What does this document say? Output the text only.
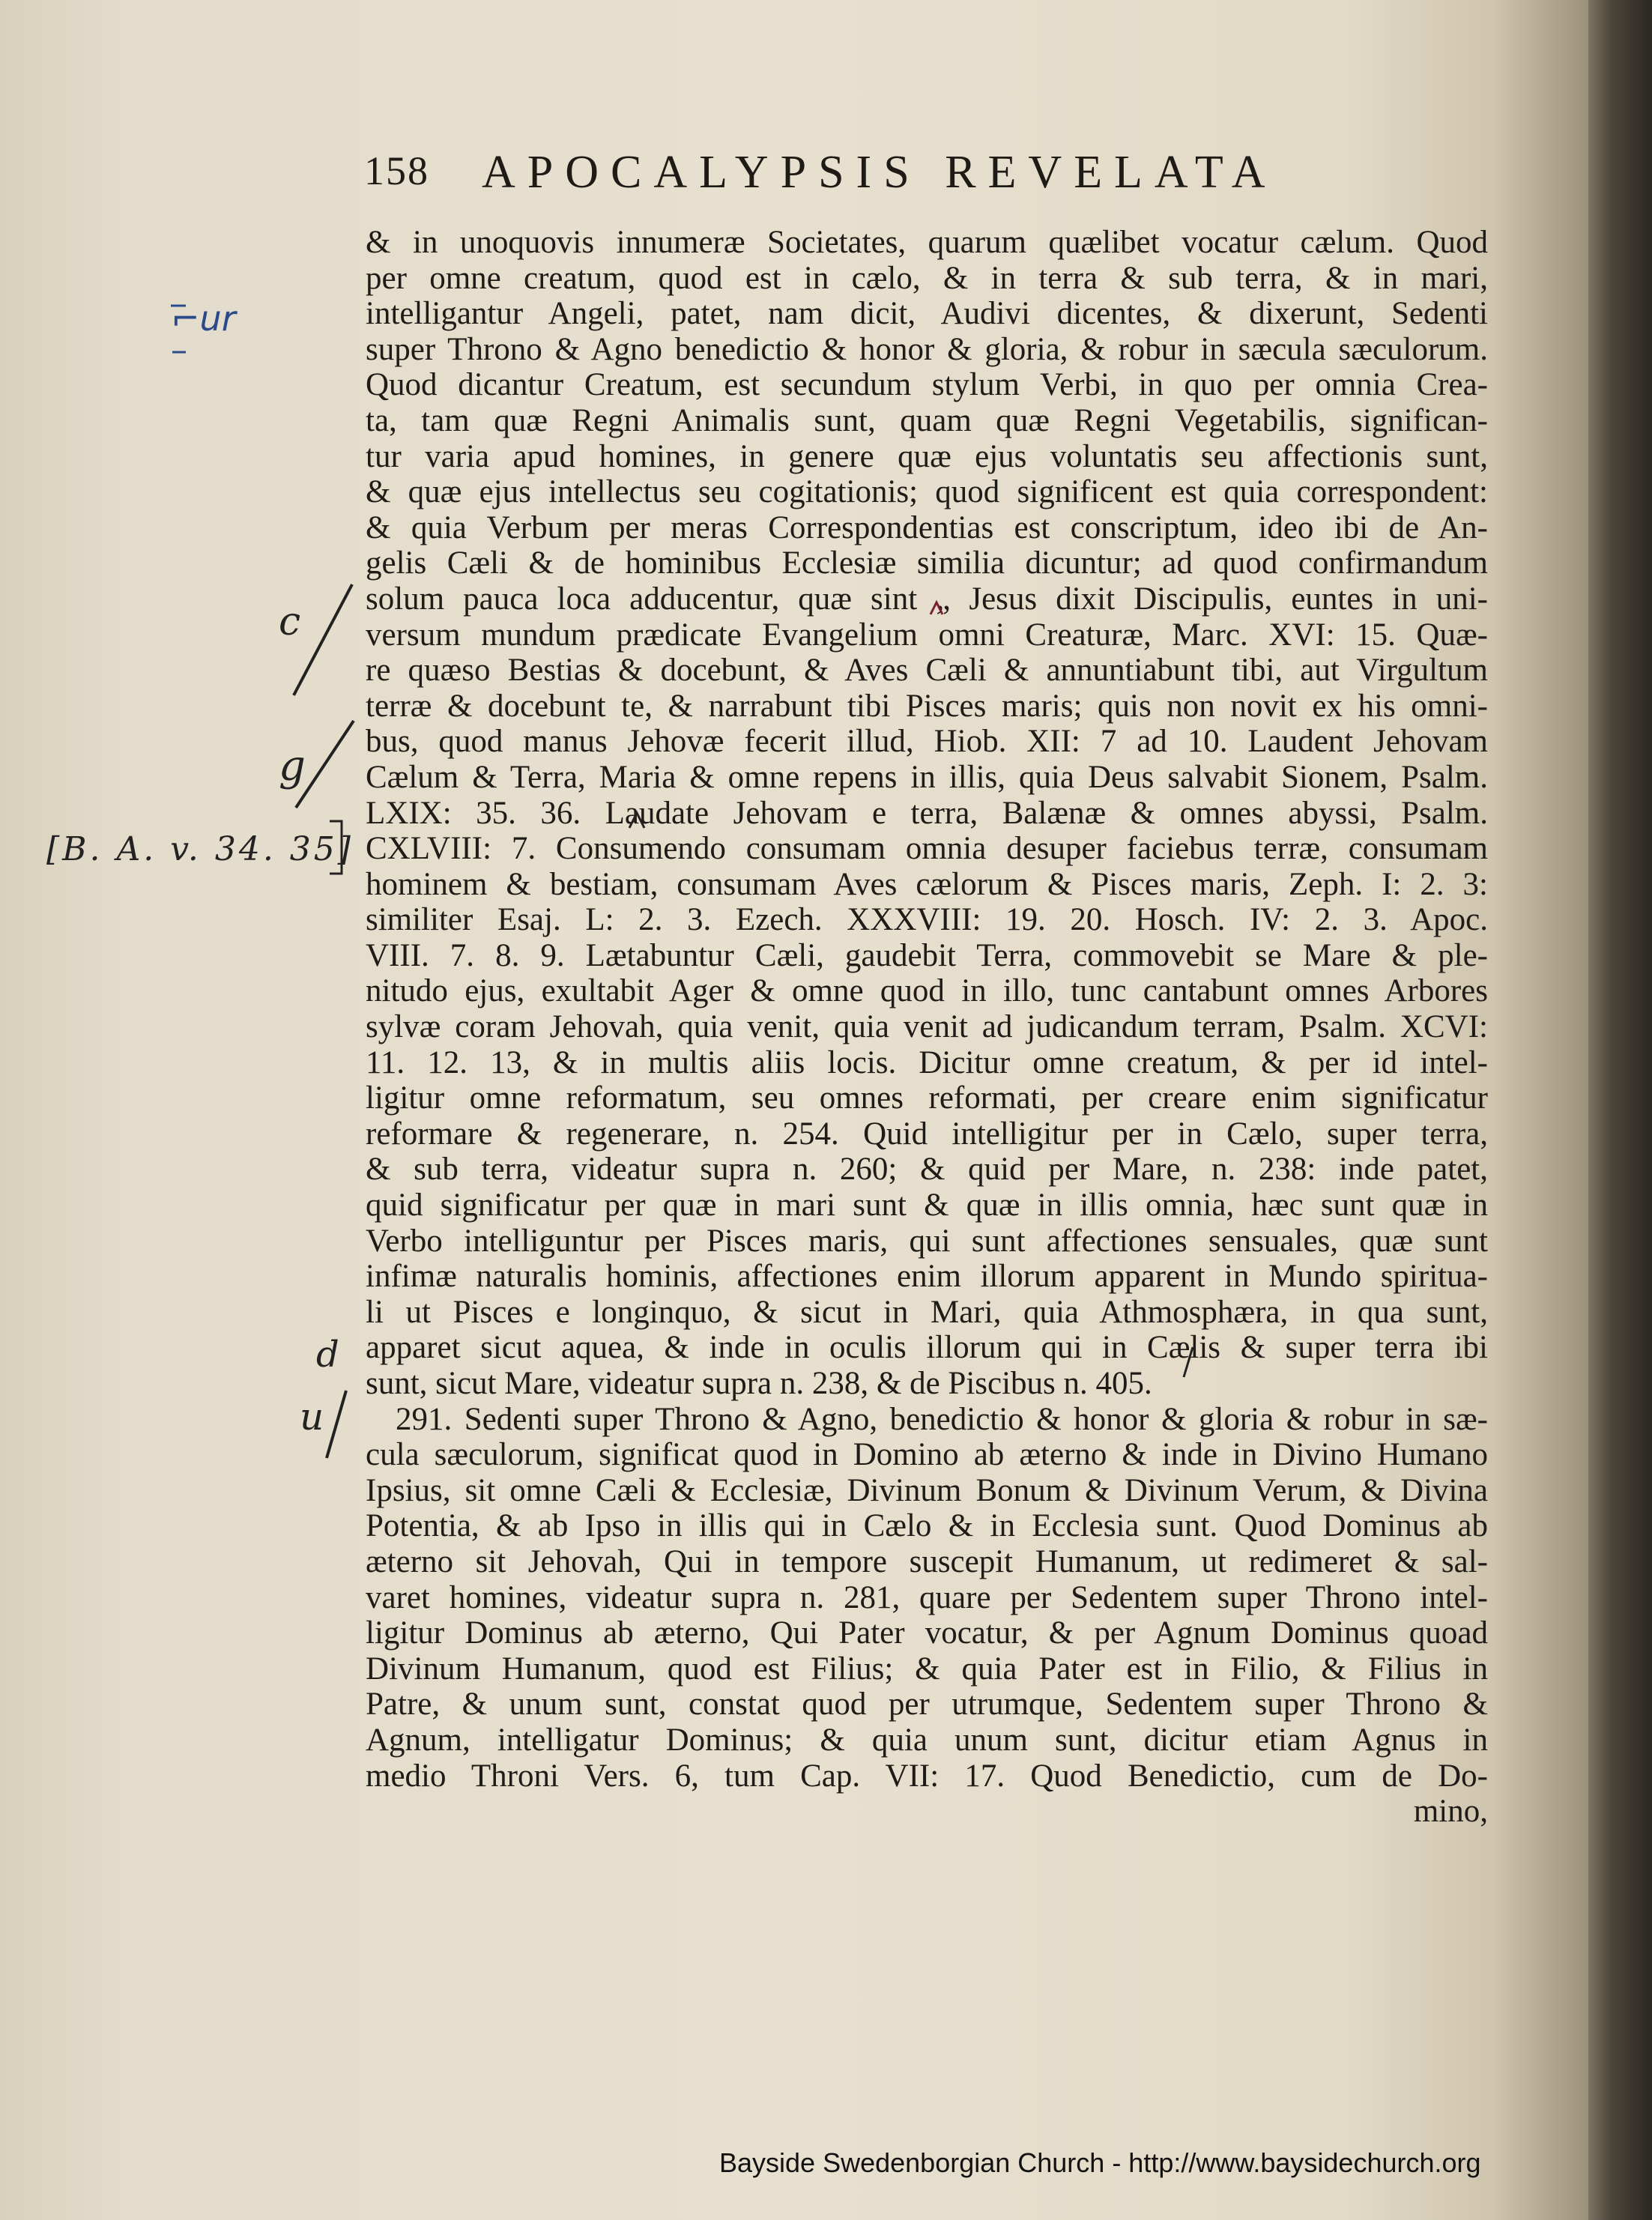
158 APOCALYPSIS REVELATA
& in unoquovis innumeræ Societates, quarum quælibet vocatur cælum. Quod
per omne creatum, quod est in cælo, & in terra & sub terra, & in mari,
intelligantur Angeli, patet, nam dicit, Audivi dicentes, & dixerunt, Sedenti
super Throno & Agno benedictio & honor & gloria, & robur in sæcula sæculorum.
Quod dicantur Creatum, est secundum stylum Verbi, in quo per omnia Crea-
ta, tam quæ Regni Animalis sunt, quam quæ Regni Vegetabilis, significan-
tur varia apud homines, in genere quæ ejus voluntatis seu affectionis sunt,
& quæ ejus intellectus seu cogitationis; quod significent est quia correspondent:
& quia Verbum per meras Correspondentias est conscriptum, ideo ibi de An-
gelis Cæli & de hominibus Ecclesiæ similia dicuntur; ad quod confirmandum
solum pauca loca adducentur, quæ sint „ Jesus dixit Discipulis, euntes in uni-
versum mundum prædicate Evangelium omni Creaturæ, Marc. XVI: 15. Quæ-
re quæso Bestias & docebunt, & Aves Cæli & annuntiabunt tibi, aut Virgultum
terræ & docebunt te, & narrabunt tibi Pisces maris; quis non novit ex his omni-
bus, quod manus Jehovæ fecerit illud, Hiob. XII: 7 ad 10. Laudent Jehovam
Cælum & Terra, Maria & omne repens in illis, quia Deus salvabit Sionem, Psalm.
LXIX: 35. 36. Laudate Jehovam e terra, Balænæ & omnes abyssi, Psalm.
CXLVIII: 7. Consumendo consumam omnia desuper faciebus terræ, consumam
hominem & bestiam, consumam Aves cælorum & Pisces maris, Zeph. I: 2. 3:
similiter Esaj. L: 2. 3. Ezech. XXXVIII: 19. 20. Hosch. IV: 2. 3. Apoc.
VIII. 7. 8. 9. Lætabuntur Cæli, gaudebit Terra, commovebit se Mare & ple-
nitudo ejus, exultabit Ager & omne quod in illo, tunc cantabunt omnes Arbores
sylvæ coram Jehovah, quia venit, quia venit ad judicandum terram, Psalm. XCVI:
11. 12. 13, & in multis aliis locis. Dicitur omne creatum, & per id intel-
ligitur omne reformatum, seu omnes reformati, per creare enim significatur
reformare & regenerare, n. 254. Quid intelligitur per in Cælo, super terra,
& sub terra, videatur supra n. 260; & quid per Mare, n. 238: inde patet,
quid significatur per quæ in mari sunt & quæ in illis omnia, hæc sunt quæ in
Verbo intelliguntur per Pisces maris, qui sunt affectiones sensuales, quæ sunt
infimæ naturalis hominis, affectiones enim illorum apparent in Mundo spiritua-
li ut Pisces e longinquo, & sicut in Mari, quia Athmosphæra, in qua sunt,
apparet sicut aquea, & inde in oculis illorum qui in Cælis & super terra ibi
sunt, sicut Mare, videatur supra n. 238, & de Piscibus n. 405.
291. Sedenti super Throno & Agno, benedictio & honor & gloria & robur in sæ-
cula sæculorum, significat quod in Domino ab æterno & inde in Divino Humano
Ipsius, sit omne Cæli & Ecclesiæ, Divinum Bonum & Divinum Verum, & Divina
Potentia, & ab Ipso in illis qui in Cælo & in Ecclesia sunt. Quod Dominus ab
æterno sit Jehovah, Qui in tempore suscepit Humanum, ut redimeret & sal-
varet homines, videatur supra n. 281, quare per Sedentem super Throno intel-
ligitur Dominus ab æterno, Qui Pater vocatur, & per Agnum Dominus quoad
Divinum Humanum, quod est Filius; & quia Pater est in Filio, & Filius in
Patre, & unum sunt, constat quod per utrumque, Sedentem super Throno &
Agnum, intelligatur Dominus; & quia unum sunt, dicitur etiam Agnus in
medio Throni Vers. 6, tum Cap. VII: 17. Quod Benedictio, cum de Do-
mino,
⌐ur
c
g
[B. A. v. 34. 35]
d
u
Bayside Swedenborgian Church - http://www.baysidechurch.org
